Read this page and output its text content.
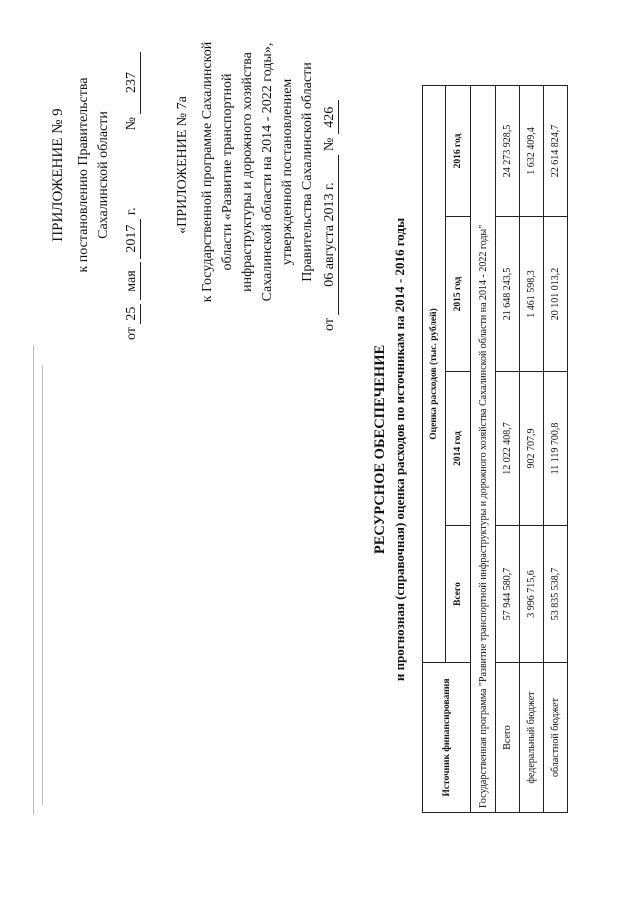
ПРИЛОЖЕНИЕ № 9 к постановлению Правительства Сахалинской области
от 25 мая 2017 г.  № 237
«ПРИЛОЖЕНИЕ № 7а к Государственной программе Сахалинской области «Развитие транспортной инфраструктуры и дорожного хозяйства Сахалинской области на 2014 - 2022 годы», утвержденной постановлением Правительства Сахалинской области
от 06 августа 2013 г. № 426
РЕСУРСНОЕ ОБЕСПЕЧЕНИЕ и прогнозная (справочная) оценка расходов по источникам на 2014 - 2016 годы
Источник финансирования	Оценка расходов (тыс. рублей)			
	Всего	2014 год	2015 год	2016 год
Государственная программа "Развитие транспортной инфраструктуры и дорожного хозяйства Сахалинской области на 2014 - 2022 годы"				
Всего	57 944 580,7	12 022 408,7	21 648 243,5	24 273 928,5
федеральный бюджет	3 996 715,6	902 707,9	1 461 598,3	1 632 409,4
областной бюджет	53 835 538,7	11 119 700,8	20 101 013,2	22 614 824,7
